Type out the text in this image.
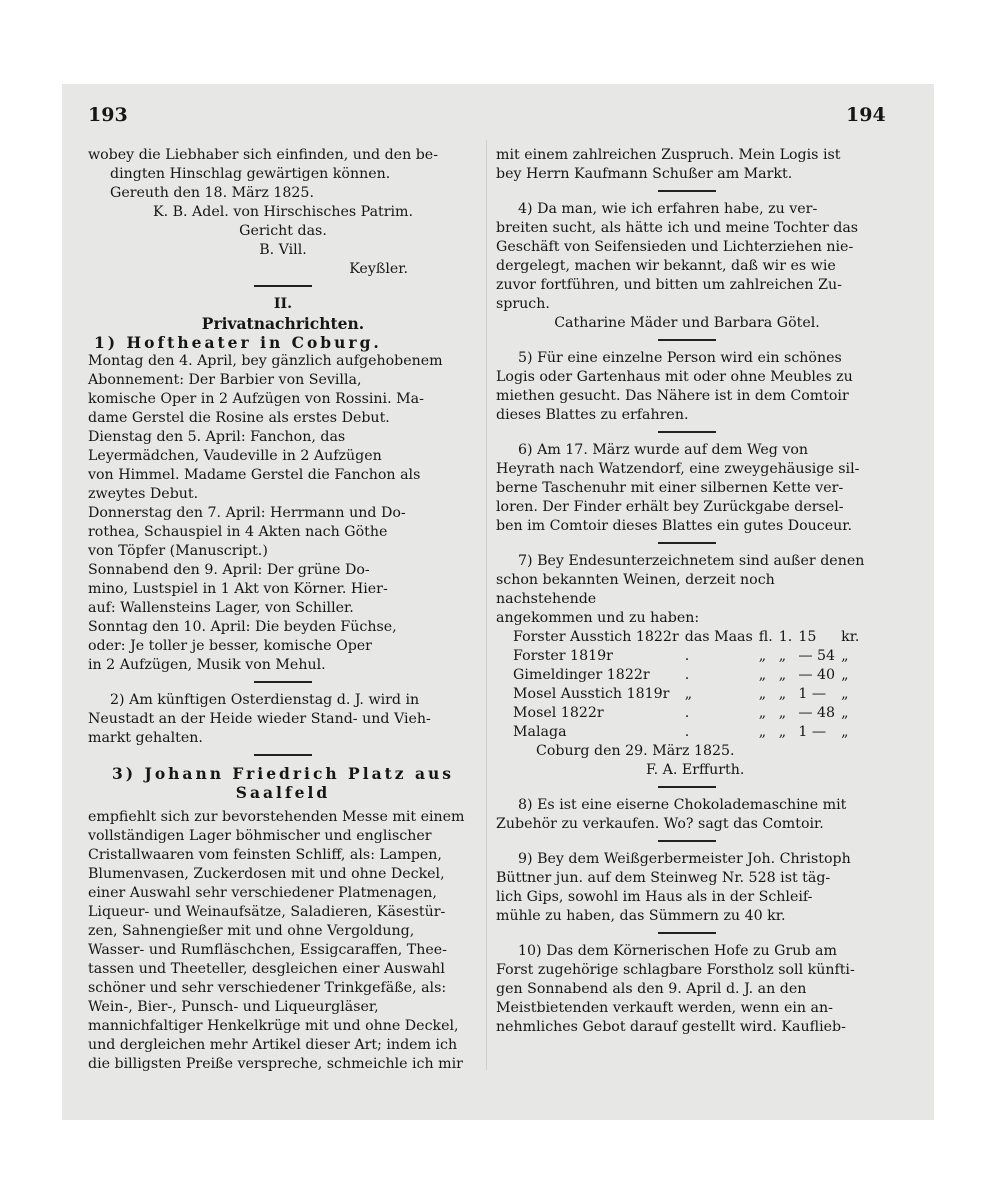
193	194

wobey die Liebhaber sich einfinden, und den be-

dingten Hinschlag gewärtigen können.

Gereuth den 18. März 1825.

K. B. Adel. von Hirschisches Patrim.

Gericht das.

B. Vill.

Keyßler.

II.

Privatnachrichten.

1) Hoftheater in Coburg.

Montag den 4. April, bey gänzlich aufgehobenem

Abonnement: Der Barbier von Sevilla,

komische Oper in 2 Aufzügen von Rossini. Ma-

dame Gerstel die Rosine als erstes Debut.

Dienstag den 5. April: Fanchon, das

Leyermädchen, Vaudeville in 2 Aufzügen

von Himmel. Madame Gerstel die Fanchon als

zweytes Debut.

Donnerstag den 7. April: Herrmann und Do-

rothea, Schauspiel in 4 Akten nach Göthe

von Töpfer (Manuscript.)

Sonnabend den 9. April: Der grüne Do-

mino, Lustspiel in 1 Akt von Körner. Hier-

auf: Wallensteins Lager, von Schiller.

Sonntag den 10. April: Die beyden Füchse,

oder: Je toller je besser, komische Oper

in 2 Aufzügen, Musik von Mehul.

2) Am künftigen Osterdienstag d. J. wird in

Neustadt an der Heide wieder Stand- und Vieh-

markt gehalten.

3) Johann Friedrich Platz aus

Saalfeld

empfiehlt sich zur bevorstehenden Messe mit einem

vollständigen Lager böhmischer und englischer

Cristallwaaren vom feinsten Schliff, als: Lampen,

Blumenvasen, Zuckerdosen mit und ohne Deckel,

einer Auswahl sehr verschiedener Platmenagen,

Liqueur- und Weinaufsätze, Saladieren, Käsestür-

zen, Sahnengießer mit und ohne Vergoldung,

Wasser- und Rumfläschchen, Essigcaraffen, Thee-

tassen und Theeteller, desgleichen einer Auswahl

schöner und sehr verschiedener Trinkgefäße, als:

Wein-, Bier-, Punsch- und Liqueurgläser,

mannichfaltiger Henkelkrüge mit und ohne Deckel,

und dergleichen mehr Artikel dieser Art; indem ich

die billigsten Preiße verspreche, schmeichle ich mir

mit einem zahlreichen Zuspruch. Mein Logis ist

bey Herrn Kaufmann Schußer am Markt.

4) Da man, wie ich erfahren habe, zu ver-

breiten sucht, als hätte ich und meine Tochter das

Geschäft von Seifensieden und Lichterziehen nie-

dergelegt, machen wir bekannt, daß wir es wie

zuvor fortführen, und bitten um zahlreichen Zu-

spruch.

Catharine Mäder und Barbara Götel.

5) Für eine einzelne Person wird ein schönes

Logis oder Gartenhaus mit oder ohne Meubles zu

miethen gesucht. Das Nähere ist in dem Comtoir

dieses Blattes zu erfahren.

6) Am 17. März wurde auf dem Weg von

Heyrath nach Watzendorf, eine zweygehäusige sil-

berne Taschenuhr mit einer silbernen Kette ver-

loren. Der Finder erhält bey Zurückgabe dersel-

ben im Comtoir dieses Blattes ein gutes Douceur.

7) Bey Endesunterzeichnetem sind außer denen

schon bekannten Weinen, derzeit noch nachstehende

angekommen und zu haben:

Forster Ausstich 1822r	das Maas	fl.	1.	15	kr.
Forster 1819r	.	„	„	— 54	„
Gimeldinger 1822r	.	„	„	— 40	„
Mosel Ausstich 1819r	„	„	„	1 —	„
Mosel 1822r	.	„	„	— 48	„
Malaga	.	„	„	1 —	„

Coburg den 29. März 1825.

F. A. Erffurth.

8) Es ist eine eiserne Chokolademaschine mit

Zubehör zu verkaufen. Wo? sagt das Comtoir.

9) Bey dem Weißgerbermeister Joh. Christoph

Büttner jun. auf dem Steinweg Nr. 528 ist täg-

lich Gips, sowohl im Haus als in der Schleif-

mühle zu haben, das Sümmern zu 40 kr.

10) Das dem Körnerischen Hofe zu Grub am

Forst zugehörige schlagbare Forstholz soll künfti-

gen Sonnabend als den 9. April d. J. an den

Meistbietenden verkauft werden, wenn ein an-

nehmliches Gebot darauf gestellt wird. Kauflieb-
